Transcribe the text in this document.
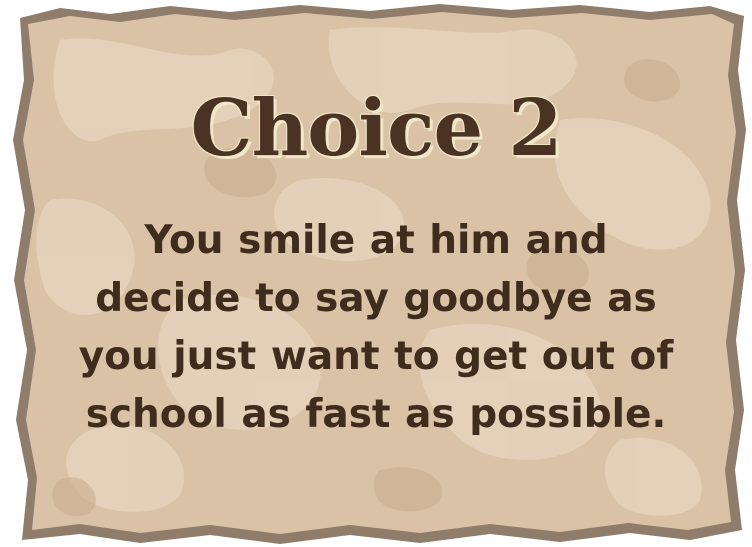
Choice 2
You smile at him and decide to say goodbye as you just want to get out of school as fast as possible.
